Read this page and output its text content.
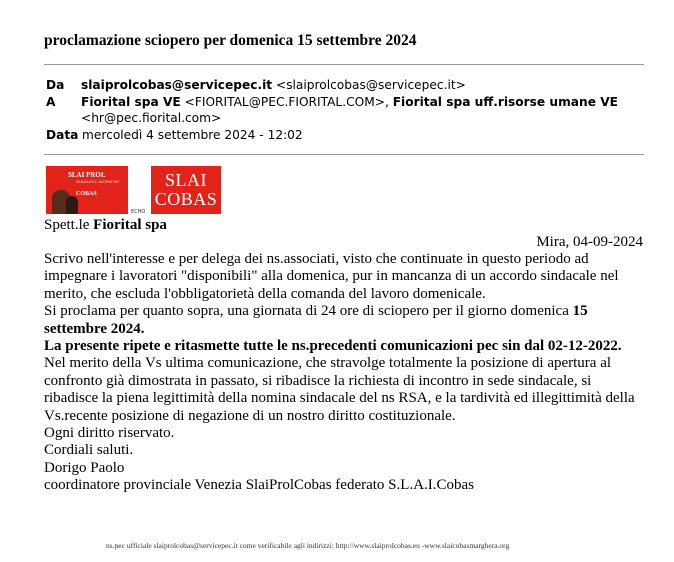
proclamazione sciopero per domenica 15 settembre 2024
Da slaiprolcobas@servicepec.it <slaiprolcobas@servicepec.it>
A Fiorital spa VE <FIORITAL@PEC.FIORITAL.COM>, Fiorital spa uff.risorse umane VE
<hr@pec.fiorital.com>
Data mercoledì 4 settembre 2024 - 12:02
SLAI PROL
SINDACATO LAVORATORI
COBAS
ECHO
SLAI
COBAS
Spett.le Fiorital spa
Mira, 04-09-2024

Scrivo nell'interesse e per delega dei ns.associati, visto che continuate in questo periodo ad impegnare i lavoratori "disponibili" alla domenica, pur in mancanza di un accordo sindacale nel merito, che escluda l'obbligatorietà della comanda del lavoro domenicale.

Si proclama per quanto sopra, una giornata di 24 ore di sciopero per il giorno domenica 15 settembre 2024.

La presente ripete e ritasmette tutte le ns.precedenti comunicazioni pec sin dal 02-12-2022.

Nel merito della Vs ultima comunicazione, che stravolge totalmente la posizione di apertura al confronto già dimostrata in passato, si ribadisce la richiesta di incontro in sede sindacale, si ribadisce la piena legittimità della nomina sindacale del ns RSA, e la tardività ed illegittimità della Vs.recente posizione di negazione di un nostro diritto costituzionale.

Ogni diritto riservato.

Cordiali saluti.

Dorigo Paolo

coordinatore provinciale Venezia SlaiProlCobas federato S.L.A.I.Cobas

ns.pec ufficiale slaiprolcobas@servicepec.it come verificabile agli indirizzi: http://www.slaiprolcobas.eu -www.slaicobasmarghera.org
